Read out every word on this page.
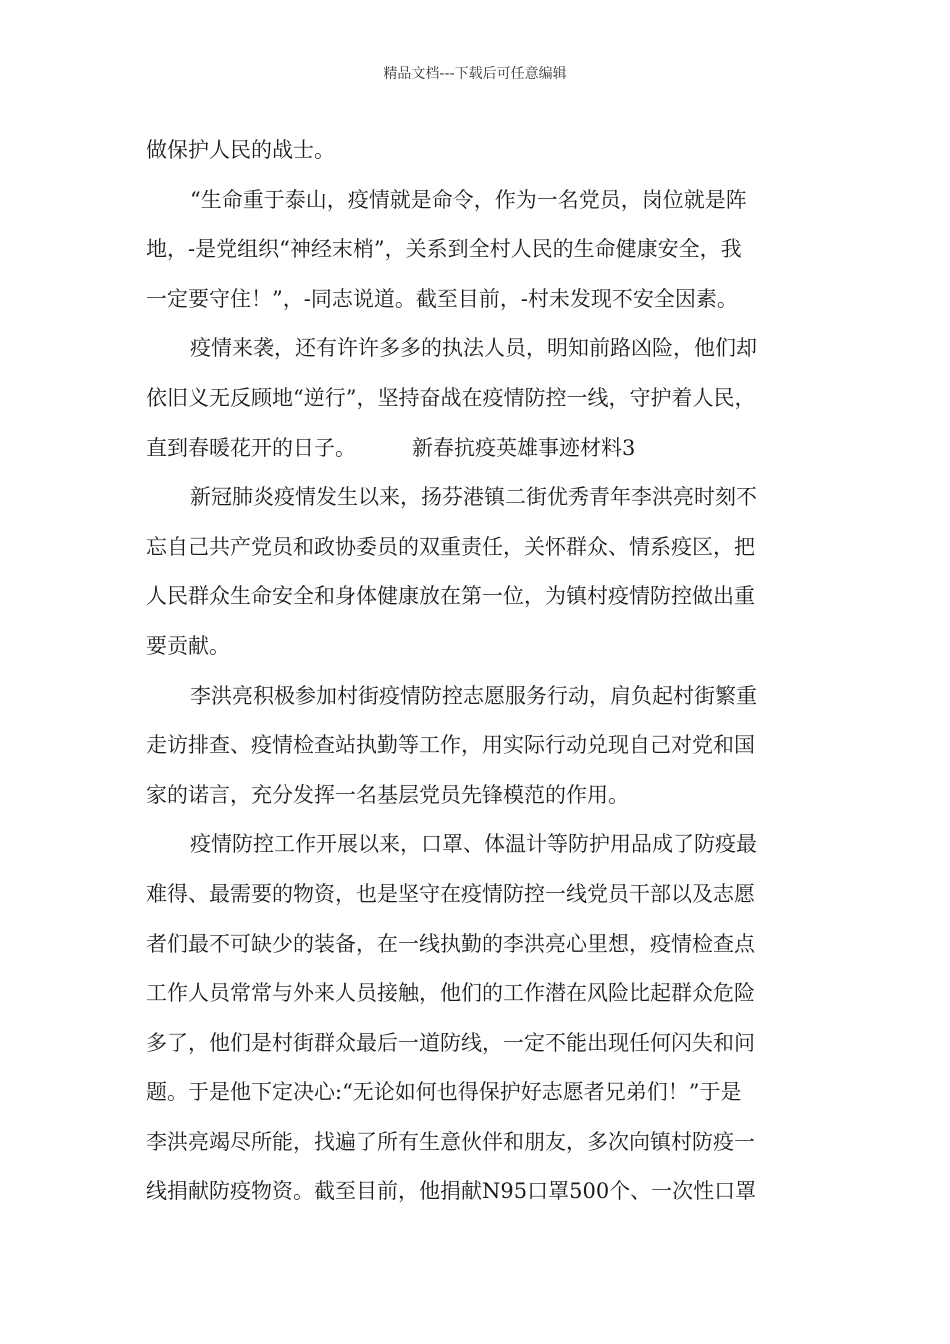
精品文档---下载后可任意编辑
做保护人民的战士。
“生命重于泰山，疫情就是命令，作为一名党员，岗位就是阵
地，-是党组织“神经末梢”，关系到全村人民的生命健康安全，我
一定要守住！”，-同志说道。截至目前，-村未发现不安全因素。
疫情来袭，还有许许多多的执法人员，明知前路凶险，他们却
依旧义无反顾地“逆行”，坚持奋战在疫情防控一线，守护着人民，
直到春暖花开的日子。	新春抗疫英雄事迹材料3
新冠肺炎疫情发生以来，扬芬港镇二街优秀青年李洪亮时刻不
忘自己共产党员和政协委员的双重责任，关怀群众、情系疫区，把
人民群众生命安全和身体健康放在第一位，为镇村疫情防控做出重
要贡献。
李洪亮积极参加村街疫情防控志愿服务行动，肩负起村街繁重
走访排查、疫情检查站执勤等工作，用实际行动兑现自己对党和国
家的诺言，充分发挥一名基层党员先锋模范的作用。
疫情防控工作开展以来，口罩、体温计等防护用品成了防疫最
难得、最需要的物资，也是坚守在疫情防控一线党员干部以及志愿
者们最不可缺少的装备，在一线执勤的李洪亮心里想，疫情检查点
工作人员常常与外来人员接触，他们的工作潜在风险比起群众危险
多了，他们是村街群众最后一道防线，一定不能出现任何闪失和问
题。于是他下定决心:“无论如何也得保护好志愿者兄弟们！”于是
李洪亮竭尽所能，找遍了所有生意伙伴和朋友，多次向镇村防疫一
线捐献防疫物资。截至目前，他捐献N95口罩500个、一次性口罩
